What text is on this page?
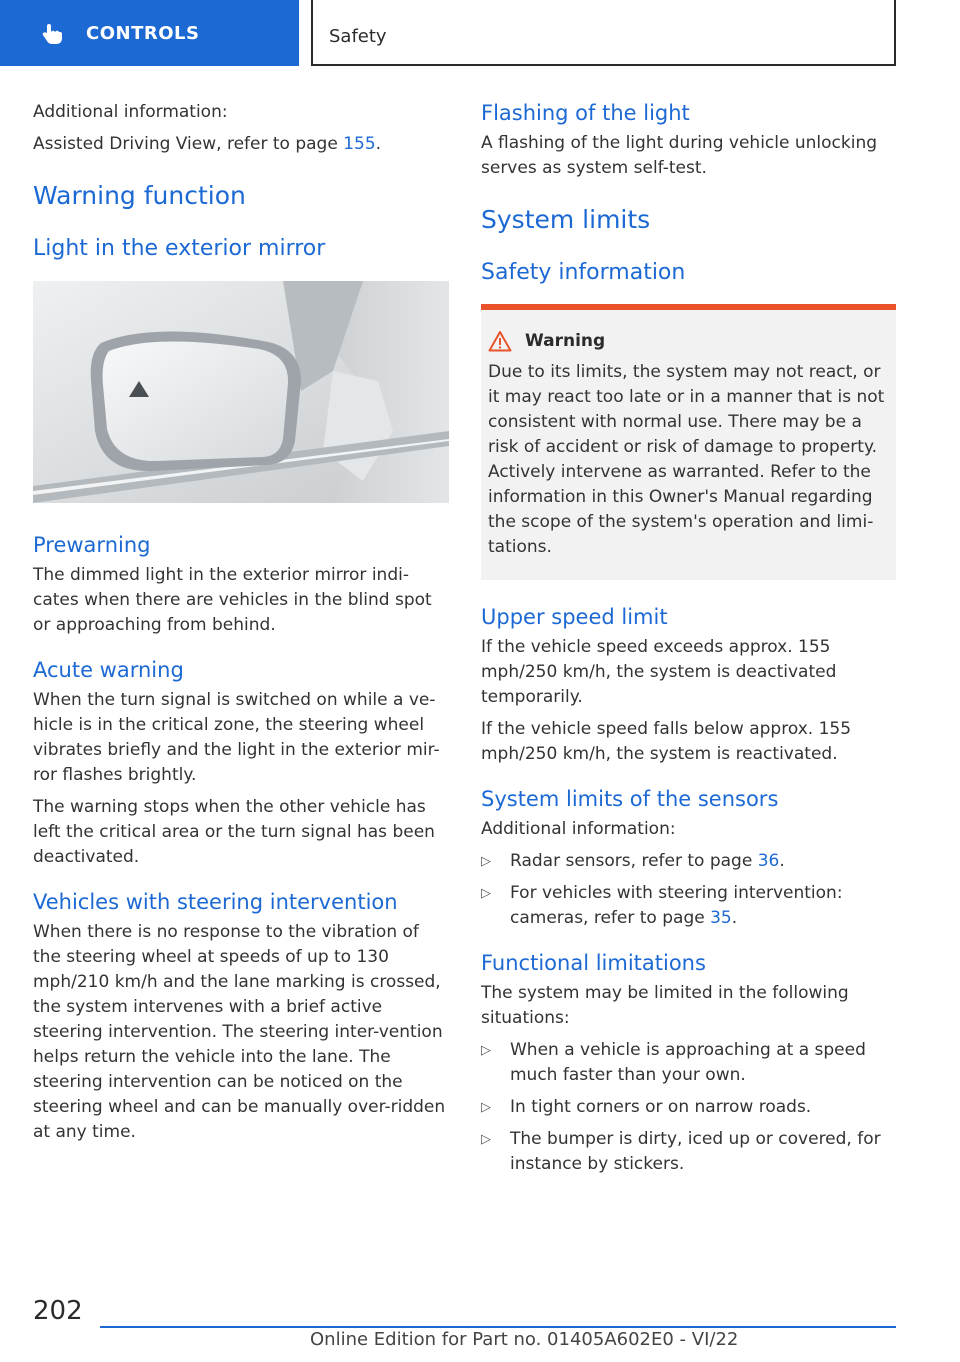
CONTROLS	Safety

Additional information:

Assisted Driving View, refer to page 155.

Warning function
Light in the exterior mirror
Prewarning

The dimmed light in the exterior mirror indi-cates when there are vehicles in the blind spot or approaching from behind.

Acute warning

When the turn signal is switched on while a ve-hicle is in the critical zone, the steering wheel vibrates briefly and the light in the exterior mir-ror flashes brightly.

The warning stops when the other vehicle has left the critical area or the turn signal has been deactivated.

Vehicles with steering intervention

When there is no response to the vibration of the steering wheel at speeds of up to 130 mph/210 km/h and the lane marking is crossed, the system intervenes with a brief active steering intervention. The steering inter-vention helps return the vehicle into the lane. The steering intervention can be noticed on the steering wheel and can be manually over-ridden at any time.

Flashing of the light

A flashing of the light during vehicle unlocking serves as system self-test.

System limits
Safety information
Warning

Due to its limits, the system may not react, or it may react too late or in a manner that is not consistent with normal use. There may be a risk of accident or risk of damage to property. Actively intervene as warranted. Refer to the information in this Owner's Manual regarding the scope of the system's operation and limi-tations.

Upper speed limit

If the vehicle speed exceeds approx. 155 mph/250 km/h, the system is deactivated temporarily.

If the vehicle speed falls below approx. 155 mph/250 km/h, the system is reactivated.

System limits of the sensors

Additional information:

▷ Radar sensors, refer to page 36.
▷ For vehicles with steering intervention: cameras, refer to page 35.
Functional limitations

The system may be limited in the following situations:

▷ When a vehicle is approaching at a speed much faster than your own.
▷ In tight corners or on narrow roads.
▷ The bumper is dirty, iced up or covered, for instance by stickers.
202
Online Edition for Part no. 01405A602E0 - VI/22
